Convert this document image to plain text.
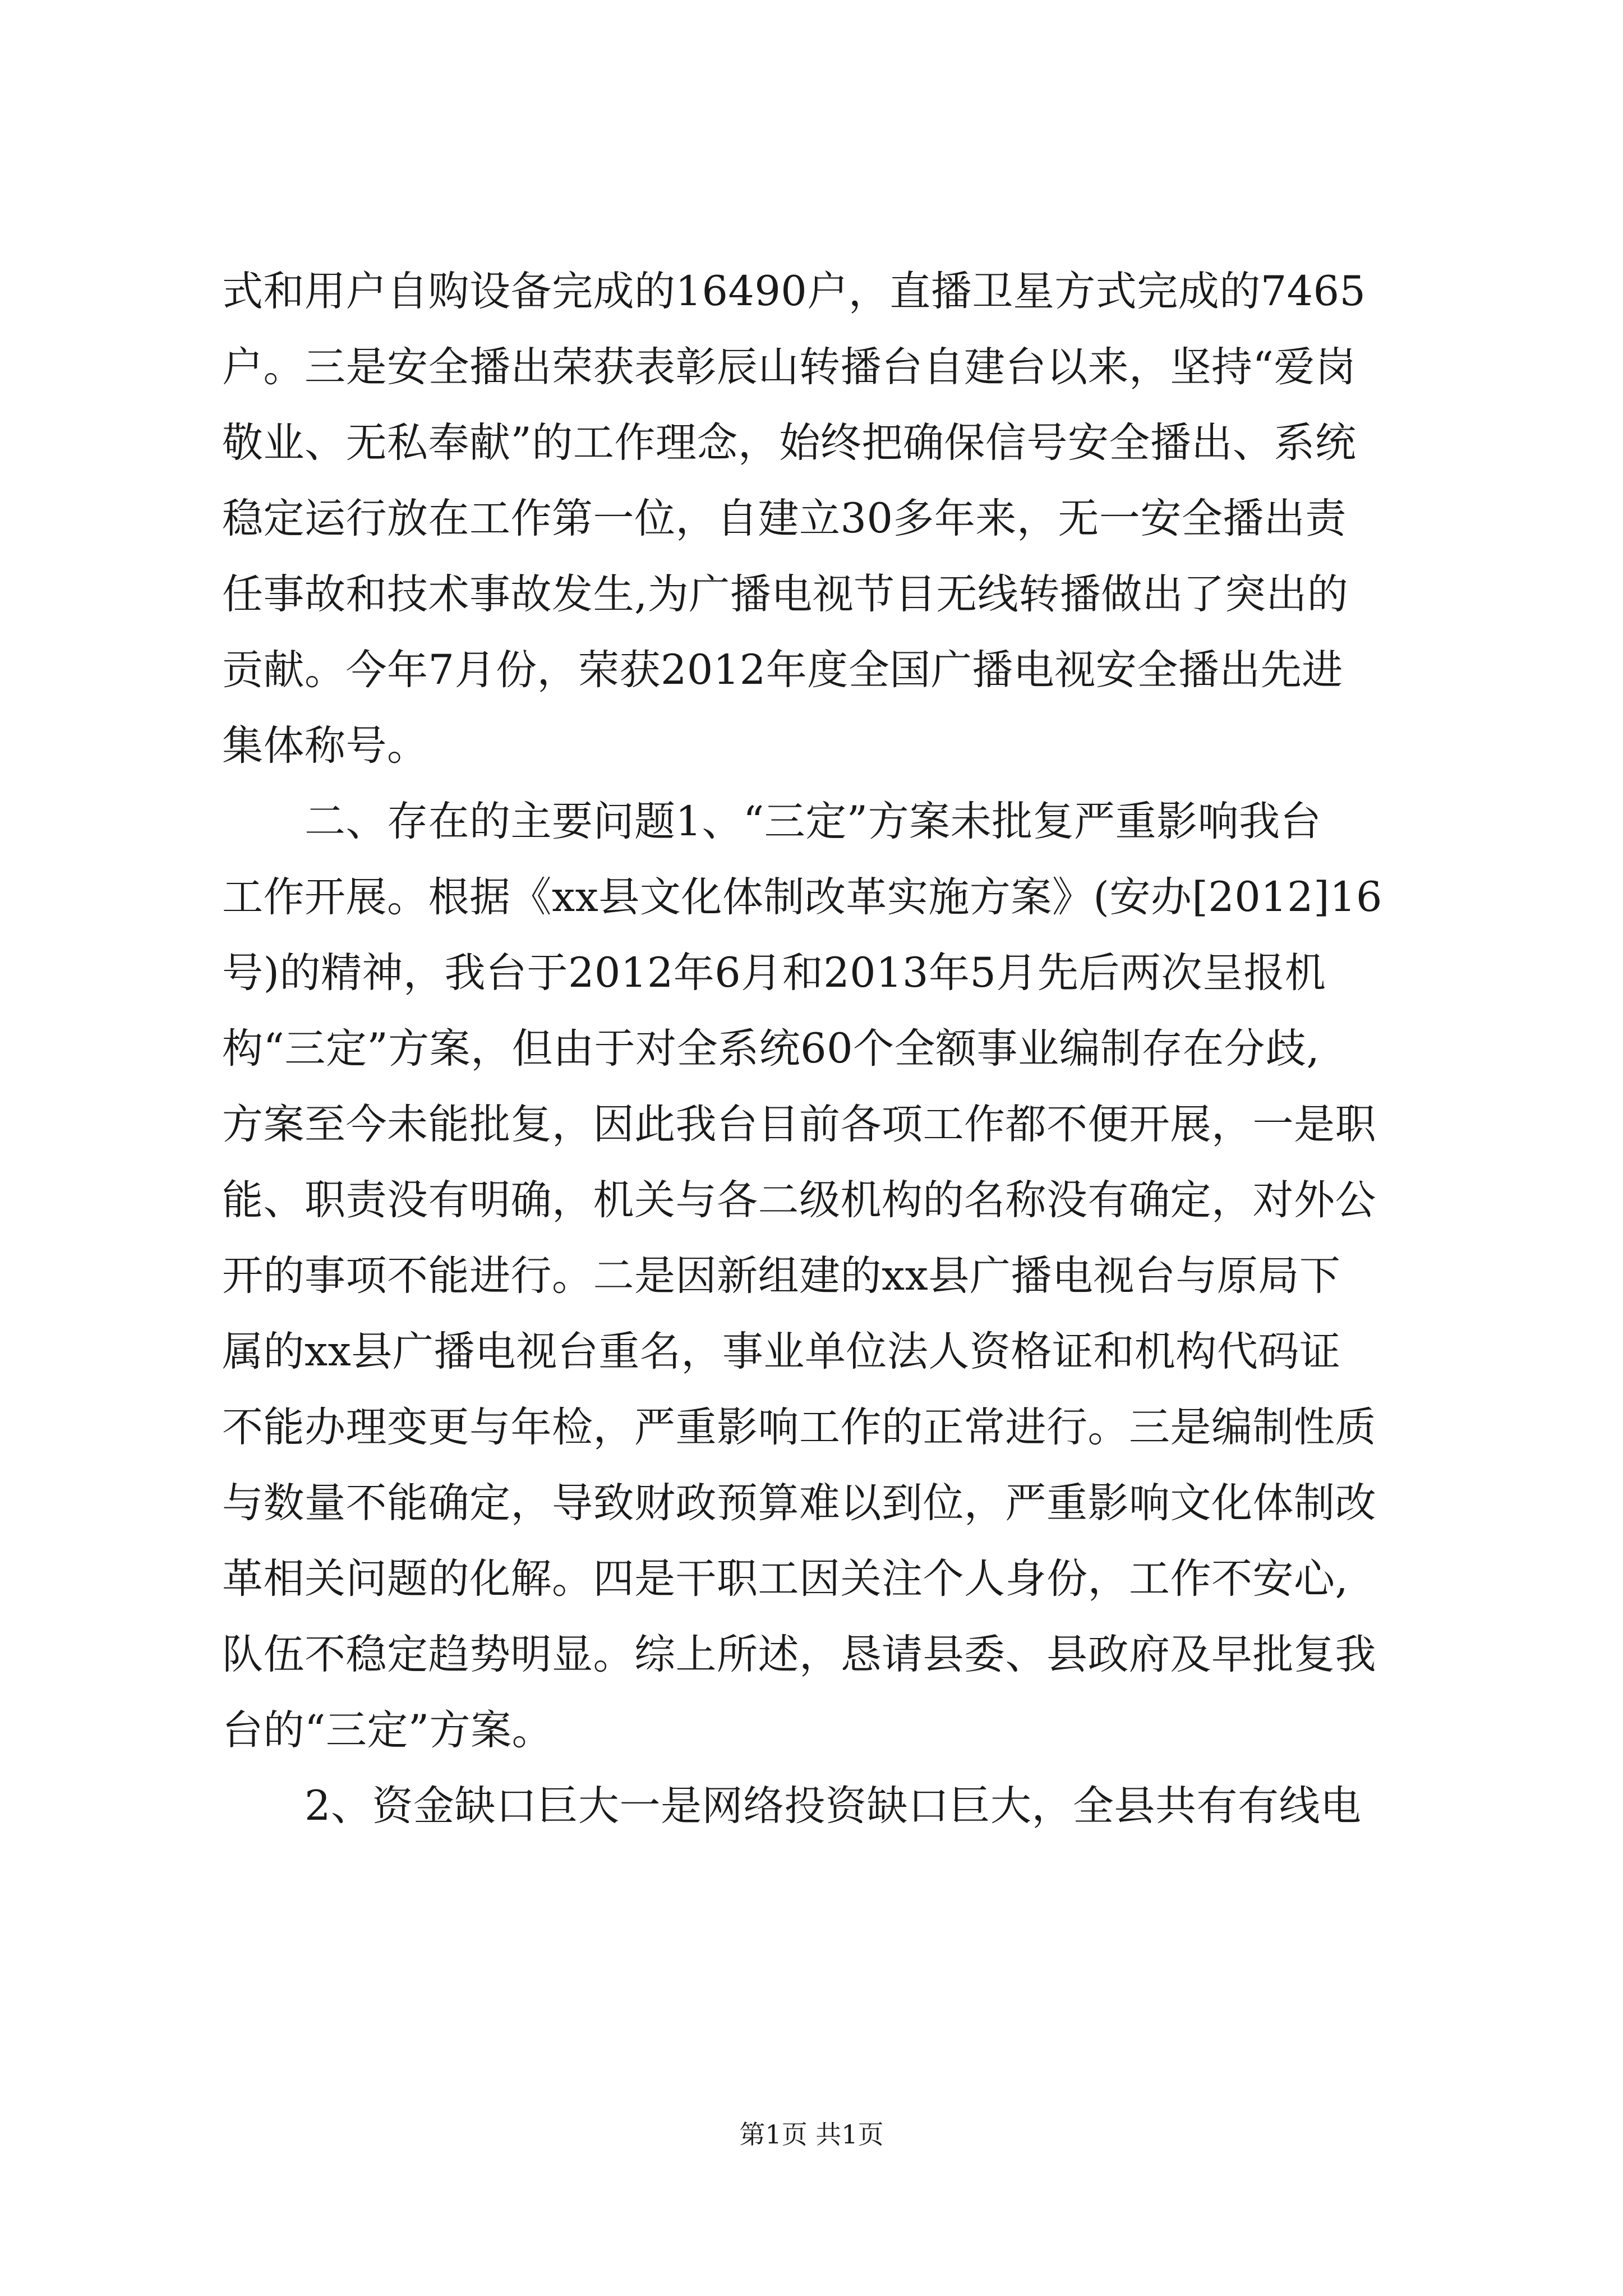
式和用户自购设备完成的16490户，直播卫星方式完成的7465
户。三是安全播出荣获表彰辰山转播台自建台以来，坚持“爱岗
敬业、无私奉献”的工作理念，始终把确保信号安全播出、系统
稳定运行放在工作第一位，自建立30多年来，无一安全播出责
任事故和技术事故发生,为广播电视节目无线转播做出了突出的
贡献。今年7月份，荣获2012年度全国广播电视安全播出先进
集体称号。
二、存在的主要问题1、“三定”方案未批复严重影响我台
工作开展。根据《xx县文化体制改革实施方案》(安办[2012]16
号)的精神，我台于2012年6月和2013年5月先后两次呈报机
构“三定”方案，但由于对全系统60个全额事业编制存在分歧,
方案至今未能批复，因此我台目前各项工作都不便开展，一是职
能、职责没有明确，机关与各二级机构的名称没有确定，对外公
开的事项不能进行。二是因新组建的xx县广播电视台与原局下
属的xx县广播电视台重名，事业单位法人资格证和机构代码证
不能办理变更与年检，严重影响工作的正常进行。三是编制性质
与数量不能确定，导致财政预算难以到位，严重影响文化体制改
革相关问题的化解。四是干职工因关注个人身份，工作不安心,
队伍不稳定趋势明显。综上所述，恳请县委、县政府及早批复我
台的“三定”方案。
2、资金缺口巨大一是网络投资缺口巨大，全县共有有线电
第1页 共1页
